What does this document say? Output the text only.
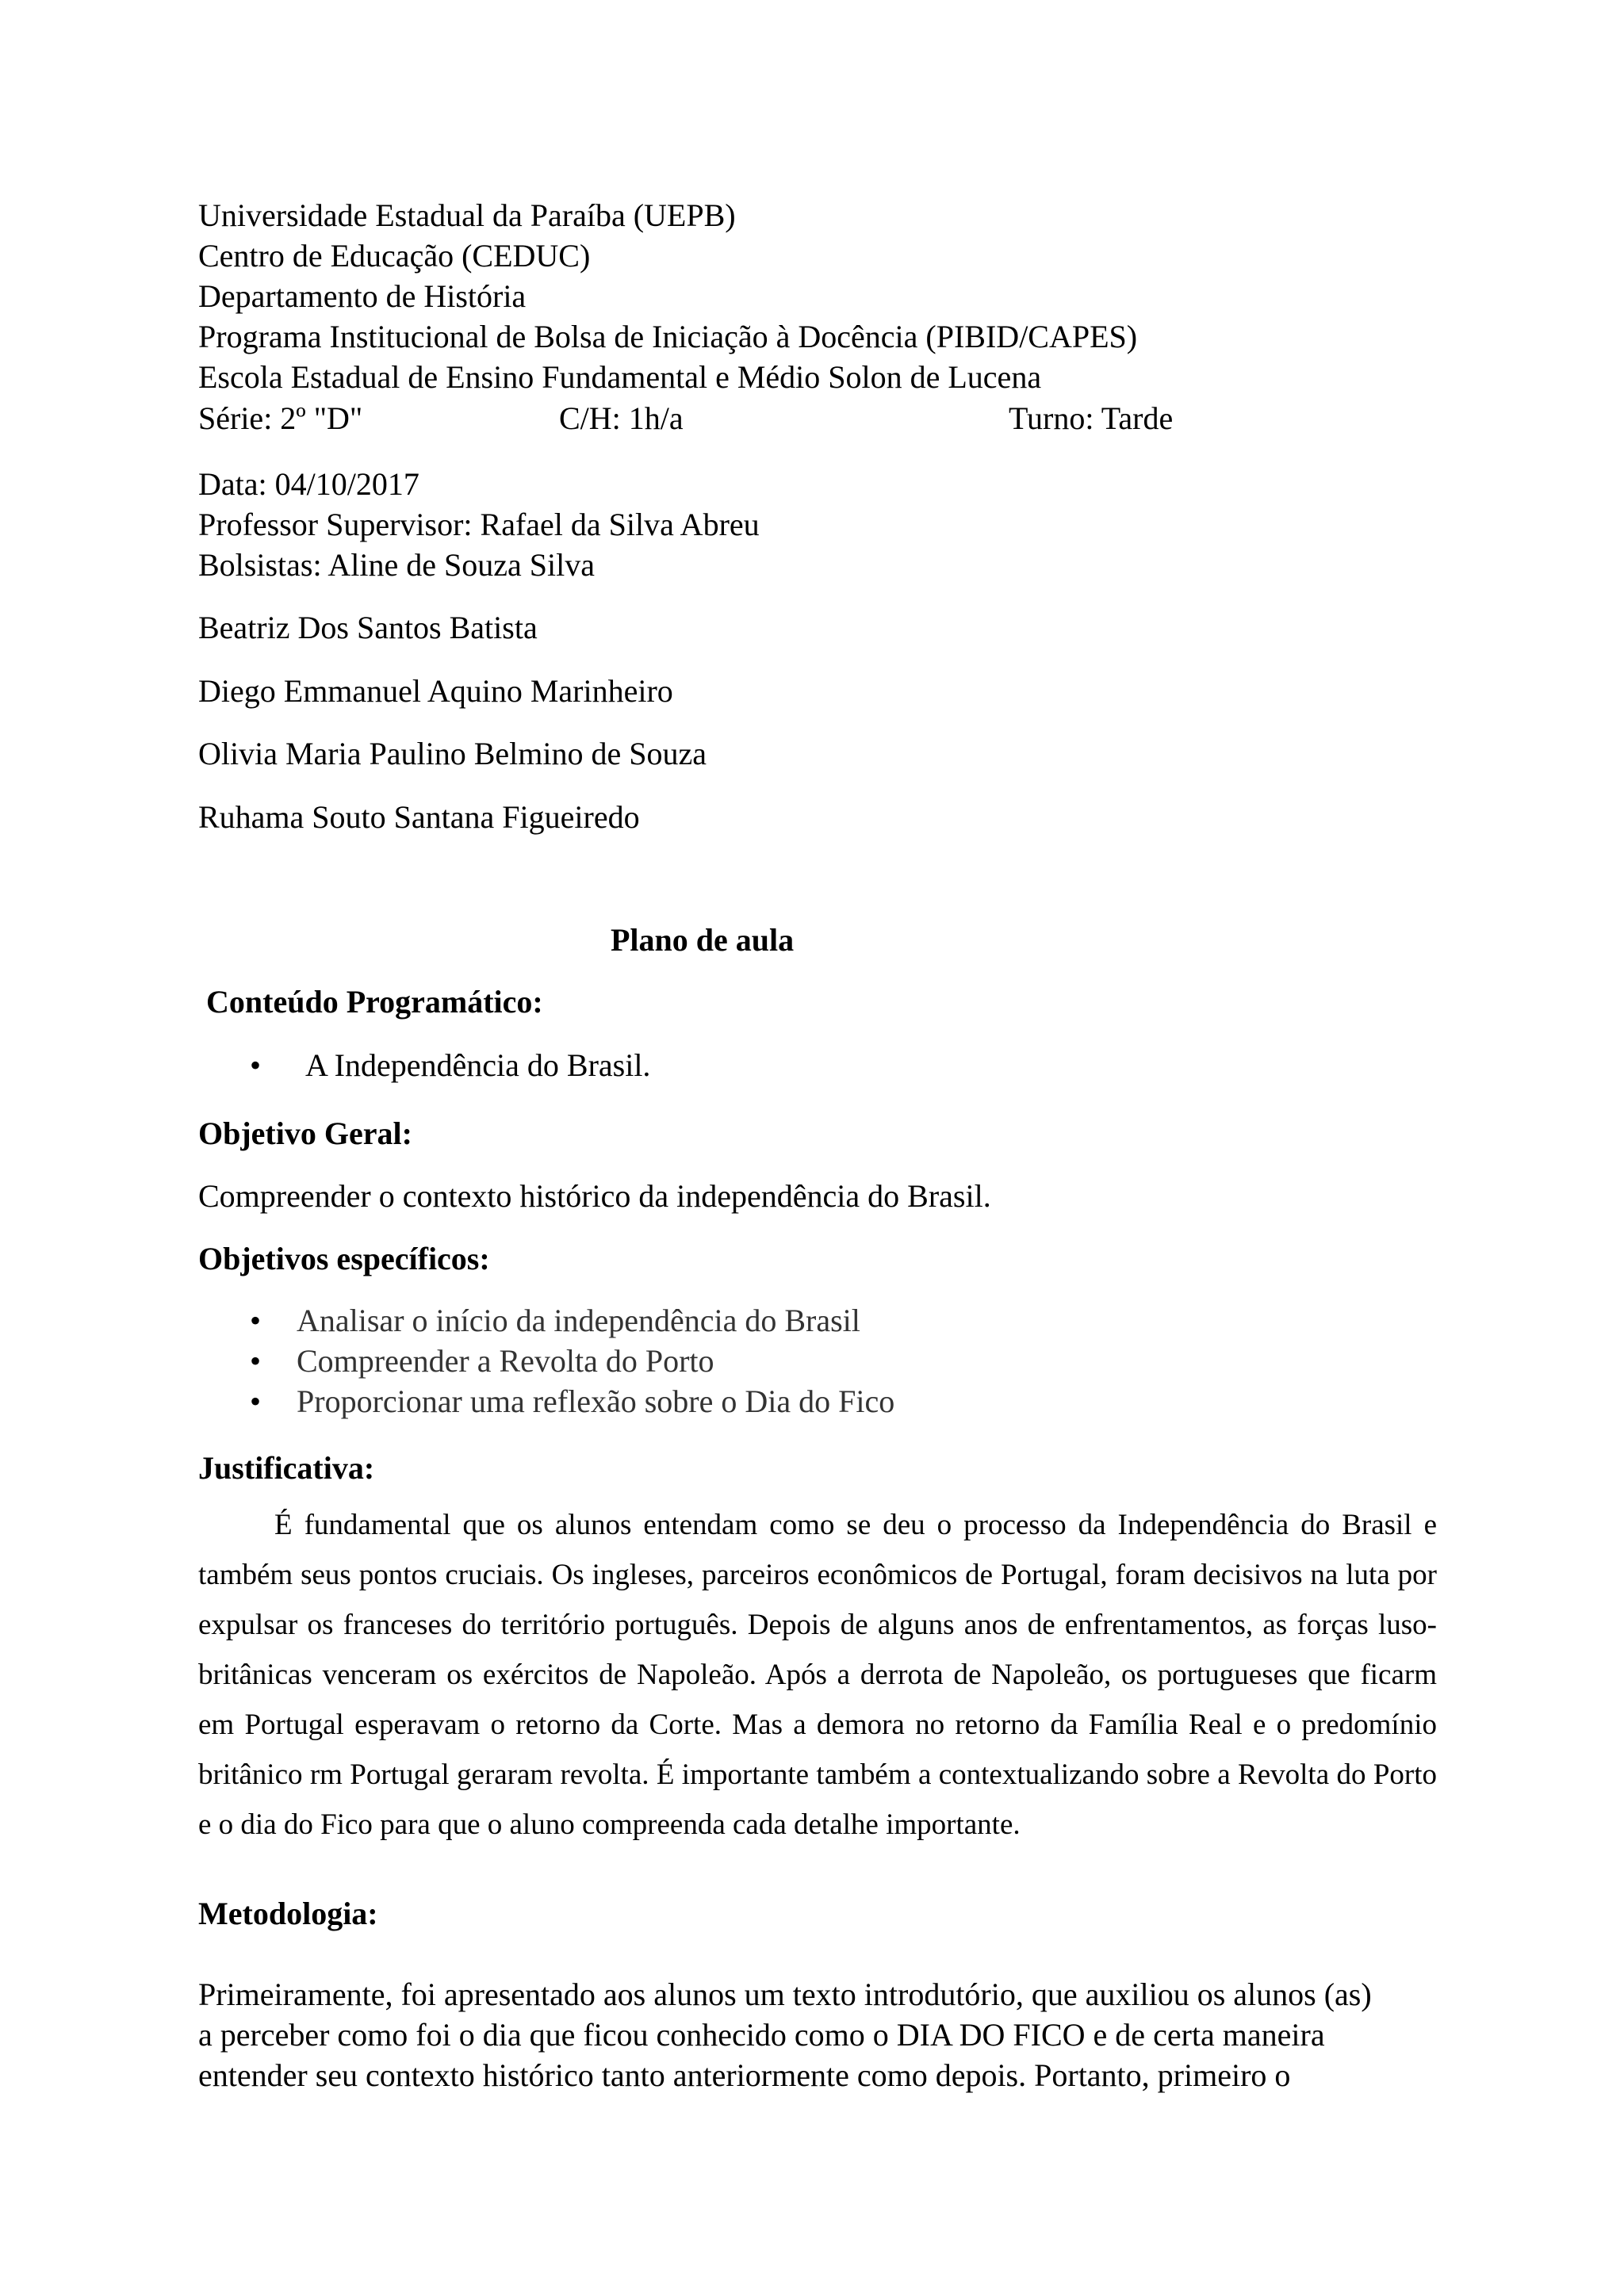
Universidade Estadual da Paraíba (UEPB)
Centro de Educação (CEDUC)
Departamento de História
Programa Institucional de Bolsa de Iniciação à Docência (PIBID/CAPES)
Escola Estadual de Ensino Fundamental e Médio Solon de Lucena
Série: 2º "D"	C/H: 1h/a	Turno: Tarde
Data: 04/10/2017
Professor Supervisor: Rafael da Silva Abreu
Bolsistas: Aline de Souza Silva
Beatriz Dos Santos Batista
Diego Emmanuel Aquino Marinheiro
Olivia Maria Paulino Belmino de Souza
Ruhama Souto Santana Figueiredo
Plano de aula
Conteúdo Programático:
• A Independência do Brasil.
Objetivo Geral:
Compreender o contexto histórico da independência do Brasil.
Objetivos específicos:
• Analisar o início da independência do Brasil
• Compreender a Revolta do Porto
• Proporcionar uma reflexão sobre o Dia do Fico
Justificativa:

É fundamental que os alunos entendam como se deu o processo da Independência do Brasil e também seus pontos cruciais. Os ingleses, parceiros econômicos de Portugal, foram decisivos na luta por expulsar os franceses do território português. Depois de alguns anos de enfrentamentos, as forças luso-britânicas venceram os exércitos de Napoleão. Após a derrota de Napoleão, os portugueses que ficarm em Portugal esperavam o retorno da Corte. Mas a demora no retorno da Família Real e o predomínio britânico rm Portugal geraram revolta. É importante também a contextualizando sobre a Revolta do Porto e o dia do Fico para que o aluno compreenda cada detalhe importante.

Metodologia:
Primeiramente, foi apresentado aos alunos um texto introdutório, que auxiliou os alunos (as)
a perceber como foi o dia que ficou conhecido como o DIA DO FICO e de certa maneira
entender seu contexto histórico tanto anteriormente como depois. Portanto, primeiro o
